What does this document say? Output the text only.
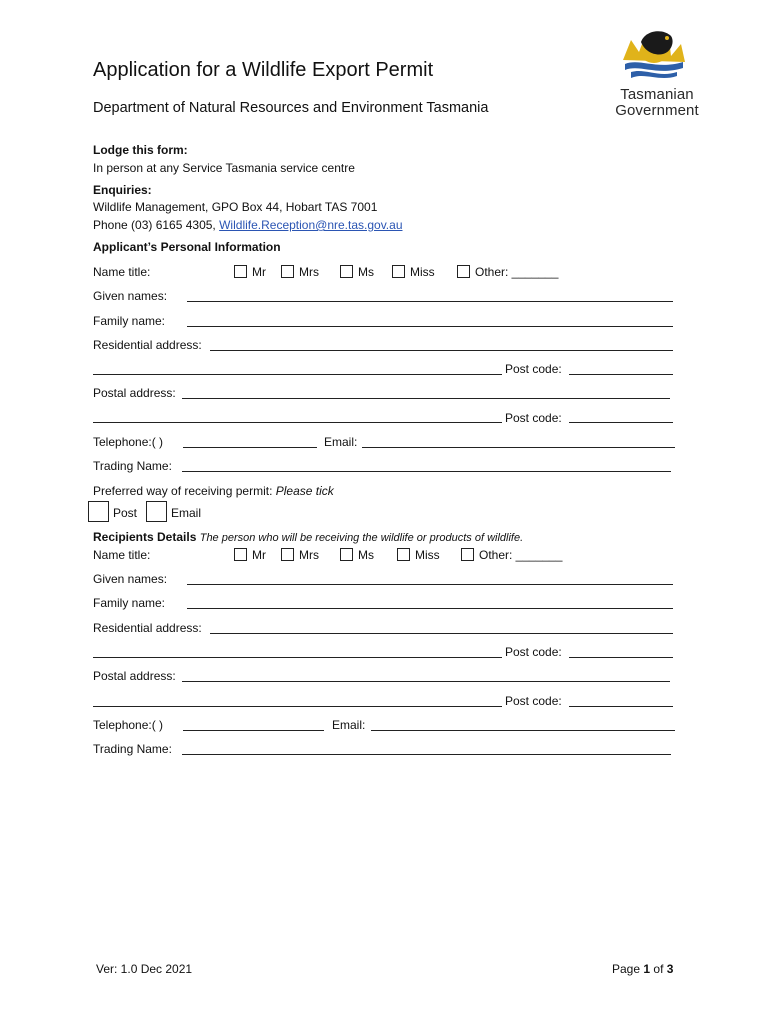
Application for a Wildlife Export Permit
Department of Natural Resources and Environment Tasmania
Tasmanian
Government
Lodge this form:
In person at any Service Tasmania service centre
Enquiries:
Wildlife Management, GPO Box 44, Hobart TAS 7001
Phone (03) 6165 4305, Wildlife.Reception@nre.tas.gov.au
Applicant’s Personal Information
Name title:	Mr	Mrs	Ms	Miss	Other: _______
Given names:
Family name:
Residential address:
Post code:
Postal address:
Post code:
Telephone:( )	Email:
Trading Name:
Preferred way of receiving permit: Please tick
Post	Email
Recipients Details The person who will be receiving the wildlife or products of wildlife.
Name title:	Mr	Mrs	Ms	Miss	Other: _______
Given names:
Family name:
Residential address:
Post code:
Postal address:
Post code:
Telephone:( )	Email:
Trading Name:
Ver: 1.0 Dec 2021	Page 1 of 3
